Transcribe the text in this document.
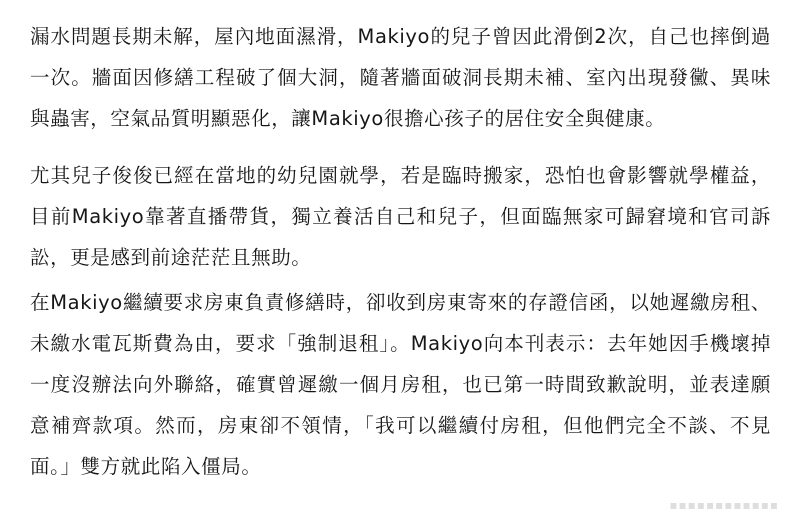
漏水問題長期未解，屋內地面濕滑，Makiyo的兒子曾因此滑倒2次，自己也摔倒過一次。牆面因修繕工程破了個大洞，隨著牆面破洞長期未補、室內出現發黴、異味與蟲害，空氣品質明顯惡化，讓Makiyo很擔心孩子的居住安全與健康。

尤其兒子俊俊已經在當地的幼兒園就學，若是臨時搬家，恐怕也會影響就學權益，目前Makiyo靠著直播帶貨，獨立養活自己和兒子，但面臨無家可歸窘境和官司訴訟，更是感到前途茫茫且無助。

在Makiyo繼續要求房東負責修繕時，卻收到房東寄來的存證信函，以她遲繳房租、未繳水電瓦斯費為由，要求「強制退租」。Makiyo向本刊表示：去年她因手機壞掉一度沒辦法向外聯絡，確實曾遲繳一個月房租，也已第一時間致歉說明，並表達願意補齊款項。然而，房東卻不領情，「我可以繼續付房租，但他們完全不談、不見面。」雙方就此陷入僵局。

▪▪▪▪▪▪▪▪▪▪▪▪
